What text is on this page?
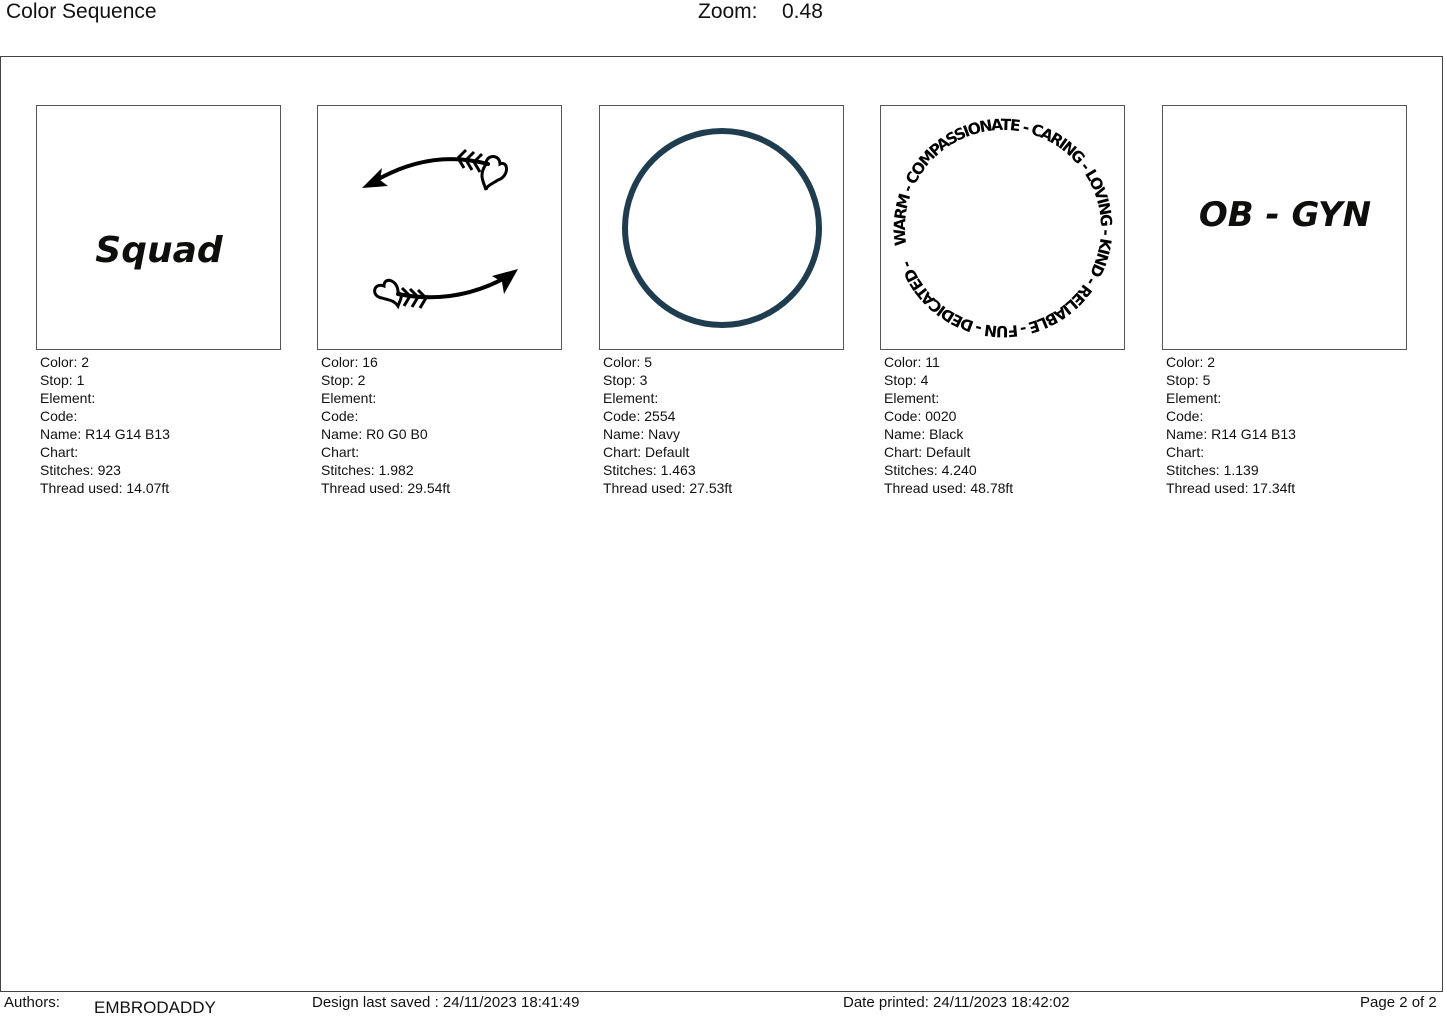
Color Sequence	Zoom: 0.48
Squad
Color: 2
Stop: 1
Element:
Code:
Name: R14 G14 B13
Chart:
Stitches: 923
Thread used: 14.07ft
Color: 16
Stop: 2
Element:
Code:
Name: R0 G0 B0
Chart:
Stitches: 1.982
Thread used: 29.54ft
Color: 5
Stop: 3
Element:
Code: 2554
Name: Navy
Chart: Default
Stitches: 1.463
Thread used: 27.53ft
WARM - COMPASSIONATE - CARING - LOVING - KIND - RELIABLE - FUN - DEDICATED -
Color: 11
Stop: 4
Element:
Code: 0020
Name: Black
Chart: Default
Stitches: 4.240
Thread used: 48.78ft
OB - GYN
Color: 2
Stop: 5
Element:
Code:
Name: R14 G14 B13
Chart:
Stitches: 1.139
Thread used: 17.34ft
Authors: EMBRODADDY	Design last saved : 24/11/2023 18:41:49	Date printed: 24/11/2023 18:42:02	Page 2 of 2
